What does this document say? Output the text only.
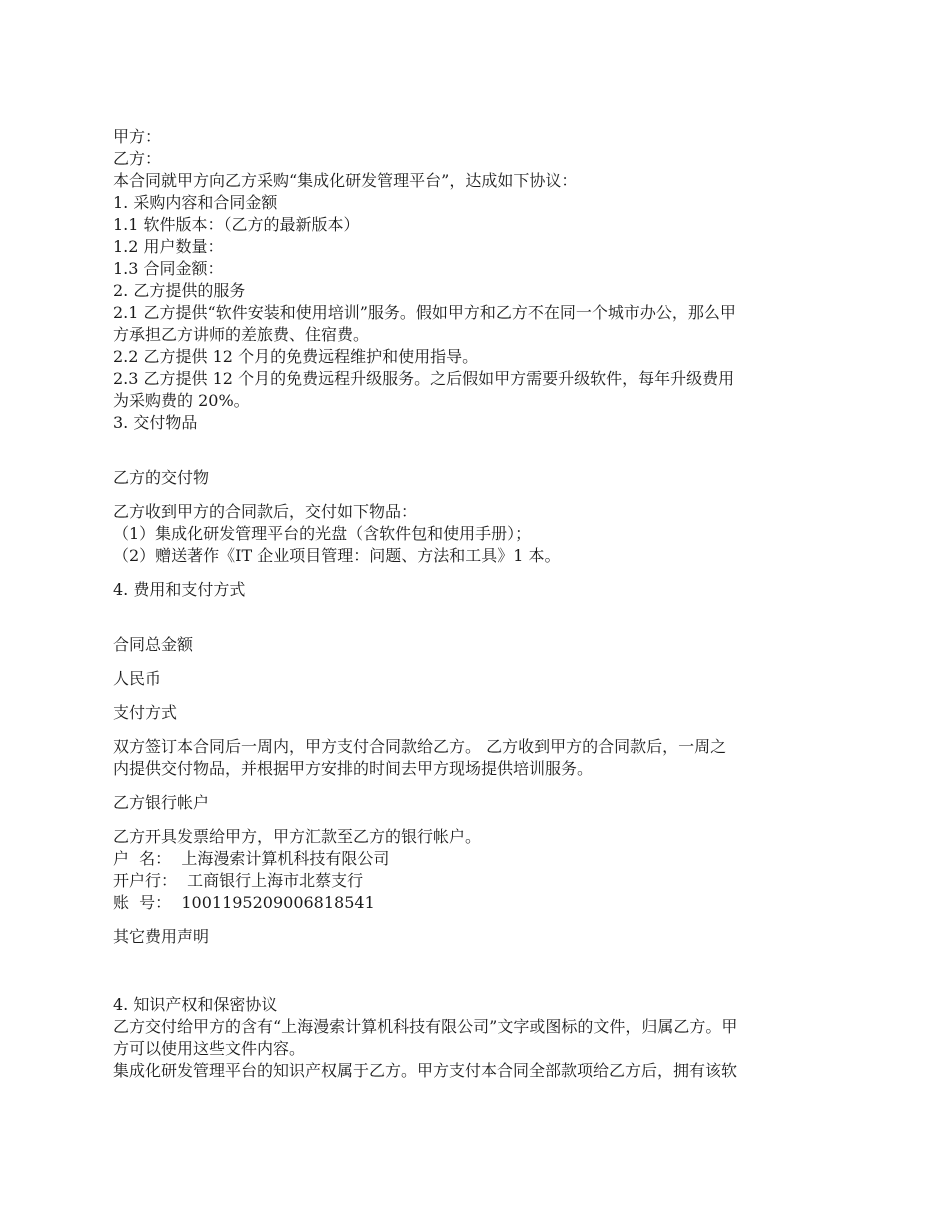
甲方：

乙方：

本合同就甲方向乙方采购“集成化研发管理平台”，达成如下协议：

1. 采购内容和合同金额

1.1 软件版本：（乙方的最新版本）

1.2 用户数量：

1.3 合同金额：

2. 乙方提供的服务

2.1 乙方提供“软件安装和使用培训”服务。假如甲方和乙方不在同一个城市办公，那么甲

方承担乙方讲师的差旅费、住宿费。

2.2 乙方提供 12 个月的免费远程维护和使用指导。

2.3 乙方提供 12 个月的免费远程升级服务。之后假如甲方需要升级软件，每年升级费用

为采购费的 20%。

3. 交付物品

乙方的交付物

乙方收到甲方的合同款后，交付如下物品：

（1）集成化研发管理平台的光盘（含软件包和使用手册）；

（2）赠送著作《IT 企业项目管理：问题、方法和工具》1 本。

4. 费用和支付方式

合同总金额

人民币

支付方式

双方签订本合同后一周内，甲方支付合同款给乙方。 乙方收到甲方的合同款后，一周之

内提供交付物品，并根据甲方安排的时间去甲方现场提供培训服务。

乙方银行帐户

乙方开具发票给甲方，甲方汇款至乙方的银行帐户。

户  名：  上海漫索计算机科技有限公司

开户行：  工商银行上海市北蔡支行

账  号：  1001195209006818541

其它费用声明

4. 知识产权和保密协议

乙方交付给甲方的含有“上海漫索计算机科技有限公司”文字或图标的文件，归属乙方。甲

方可以使用这些文件内容。

集成化研发管理平台的知识产权属于乙方。甲方支付本合同全部款项给乙方后，拥有该软
